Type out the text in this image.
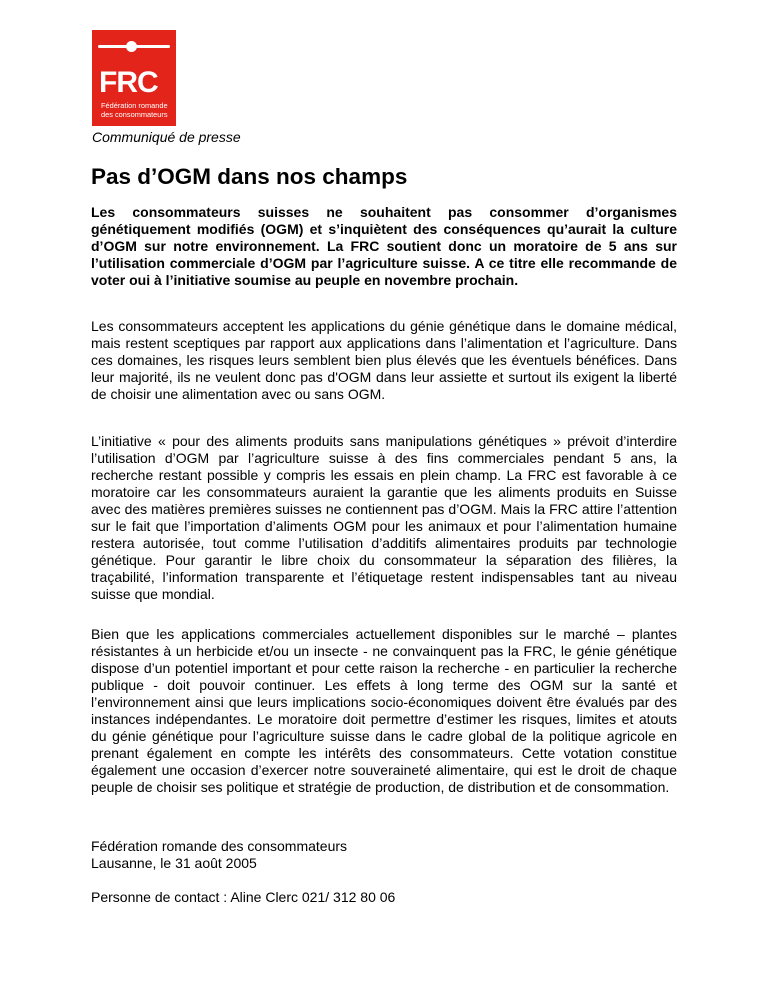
FRC
Fédération romande
des consommateurs
Communiqué de presse
Pas d’OGM dans nos champs

Les consommateurs suisses ne souhaitent pas consommer d’organismes génétiquement modifiés (OGM) et s’inquiètent des conséquences qu’aurait la culture d’OGM sur notre environnement. La FRC soutient donc un moratoire de 5 ans sur l’utilisation commerciale d’OGM par l’agriculture suisse. A ce titre elle recommande de voter oui à l’initiative soumise au peuple en novembre prochain.

Les consommateurs acceptent les applications du génie génétique dans le domaine médical, mais restent sceptiques par rapport aux applications dans l’alimentation et l’agriculture. Dans ces domaines, les risques leurs semblent bien plus élevés que les éventuels bénéfices. Dans leur majorité, ils ne veulent donc pas d'OGM dans leur assiette et surtout ils exigent la liberté de choisir une alimentation avec ou sans OGM.

L’initiative « pour des aliments produits sans manipulations génétiques » prévoit d’interdire l’utilisation d’OGM par l’agriculture suisse à des fins commerciales pendant 5 ans, la recherche restant possible y compris les essais en plein champ. La FRC est favorable à ce moratoire car les consommateurs auraient la garantie que les aliments produits en Suisse avec des matières premières suisses ne contiennent pas d’OGM. Mais la FRC attire l’attention sur le fait que l’importation d’aliments OGM pour les animaux et pour l’alimentation humaine restera autorisée, tout comme l’utilisation d’additifs alimentaires produits par technologie génétique. Pour garantir le libre choix du consommateur la séparation des filières, la traçabilité, l’information transparente et l’étiquetage restent indispensables tant au niveau suisse que mondial.

Bien que les applications commerciales actuellement disponibles sur le marché – plantes résistantes à un herbicide et/ou un insecte - ne convainquent pas la FRC, le génie génétique dispose d’un potentiel important et pour cette raison la recherche - en particulier la recherche publique - doit pouvoir continuer. Les effets à long terme des OGM sur la santé et l’environnement ainsi que leurs implications socio-économiques doivent être évalués par des instances indépendantes. Le moratoire doit permettre d’estimer les risques, limites et atouts du génie génétique pour l’agriculture suisse dans le cadre global de la politique agricole en prenant également en compte les intérêts des consommateurs. Cette votation constitue également une occasion d’exercer notre souveraineté alimentaire, qui est le droit de chaque peuple de choisir ses politique et stratégie de production, de distribution et de consommation.

Fédération romande des consommateurs
Lausanne, le 31 août 2005
Personne de contact : Aline Clerc 021/ 312 80 06
